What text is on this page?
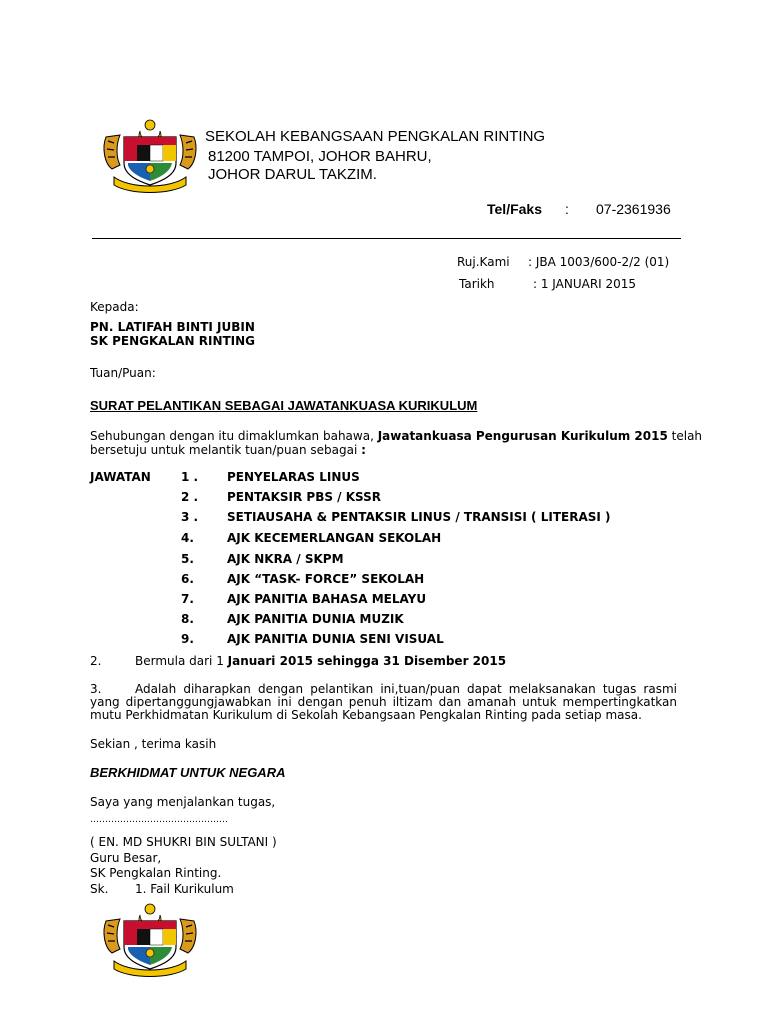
SEKOLAH KEBANGSAAN PENGKALAN RINTING
81200 TAMPOI, JOHOR BAHRU,
JOHOR DARUL TAKZIM.
Tel/Faks : 07-2361936
Ruj.Kami : JBA 1003/600-2/2 (01)
Tarikh	: 1 JANUARI 2015
Kepada:
PN. LATIFAH BINTI JUBIN
SK PENGKALAN RINTING
Tuan/Puan:
SURAT PELANTIKAN SEBAGAI JAWATANKUASA KURIKULUM
Sehubungan dengan itu dimaklumkan bahawa, Jawatankuasa Pengurusan Kurikulum 2015 telah
bersetuju untuk melantik tuan/puan sebagai :
JAWATAN	1 . PENYELARAS LINUS
2 . PENTAKSIR PBS / KSSR
3 . SETIAUSAHA & PENTAKSIR LINUS / TRANSISI ( LITERASI )
4.	AJK KECEMERLANGAN SEKOLAH
5.	AJK NKRA / SKPM
6.	AJK “TASK- FORCE” SEKOLAH
7.	AJK PANITIA BAHASA MELAYU
8.	AJK PANITIA DUNIA MUZIK
9.	AJK PANITIA DUNIA SENI VISUAL
2.	Bermula dari 1 Januari 2015 sehingga 31 Disember 2015
3.	Adalah diharapkan dengan pelantikan ini,tuan/puan dapat melaksanakan tugas rasmi yang dipertanggungjawabkan ini dengan penuh iltizam dan amanah untuk mempertingkatkan mutu Perkhidmatan Kurikulum di Sekolah Kebangsaan Pengkalan Rinting pada setiap masa.
Sekian , terima kasih
BERKHIDMAT UNTUK NEGARA
Saya yang menjalankan tugas,
……………………………………….
( EN. MD SHUKRI BIN SULTANI )
Guru Besar,
SK Pengkalan Rinting.
Sk. 1. Fail Kurikulum
